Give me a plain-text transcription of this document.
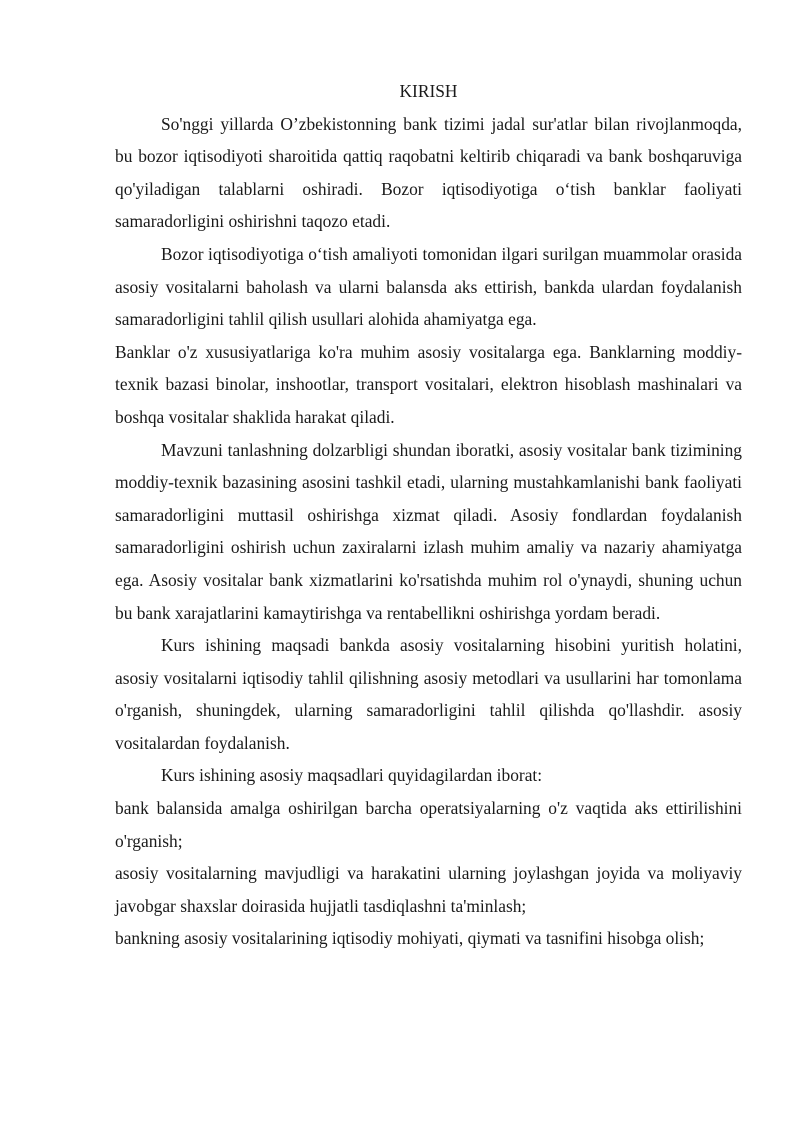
KIRISH

So'nggi yillarda O’zbekistonning bank tizimi jadal sur'atlar bilan rivojlanmoqda, bu bozor iqtisodiyoti sharoitida qattiq raqobatni keltirib chiqaradi va bank boshqaruviga qo'yiladigan talablarni oshiradi. Bozor iqtisodiyotiga o‘tish banklar faoliyati samaradorligini oshirishni taqozo etadi.

Bozor iqtisodiyotiga o‘tish amaliyoti tomonidan ilgari surilgan muammolar orasida asosiy vositalarni baholash va ularni balansda aks ettirish, bankda ulardan foydalanish samaradorligini tahlil qilish usullari alohida ahamiyatga ega.

Banklar o'z xususiyatlariga ko'ra muhim asosiy vositalarga ega. Banklarning moddiy-texnik bazasi binolar, inshootlar, transport vositalari, elektron hisoblash mashinalari va boshqa vositalar shaklida harakat qiladi.

Mavzuni tanlashning dolzarbligi shundan iboratki, asosiy vositalar bank tizimining moddiy-texnik bazasining asosini tashkil etadi, ularning mustahkamlanishi bank faoliyati samaradorligini muttasil oshirishga xizmat qiladi. Asosiy fondlardan foydalanish samaradorligini oshirish uchun zaxiralarni izlash muhim amaliy va nazariy ahamiyatga ega. Asosiy vositalar bank xizmatlarini ko'rsatishda muhim rol o'ynaydi, shuning uchun bu bank xarajatlarini kamaytirishga va rentabellikni oshirishga yordam beradi.

Kurs ishining maqsadi bankda asosiy vositalarning hisobini yuritish holatini, asosiy vositalarni iqtisodiy tahlil qilishning asosiy metodlari va usullarini har tomonlama o'rganish, shuningdek, ularning samaradorligini tahlil qilishda qo'llashdir. asosiy vositalardan foydalanish.

Kurs ishining asosiy maqsadlari quyidagilardan iborat:

bank balansida amalga oshirilgan barcha operatsiyalarning o'z vaqtida aks ettirilishini o'rganish;

asosiy vositalarning mavjudligi va harakatini ularning joylashgan joyida va moliyaviy javobgar shaxslar doirasida hujjatli tasdiqlashni ta'minlash;

bankning asosiy vositalarining iqtisodiy mohiyati, qiymati va tasnifini hisobga olish;
